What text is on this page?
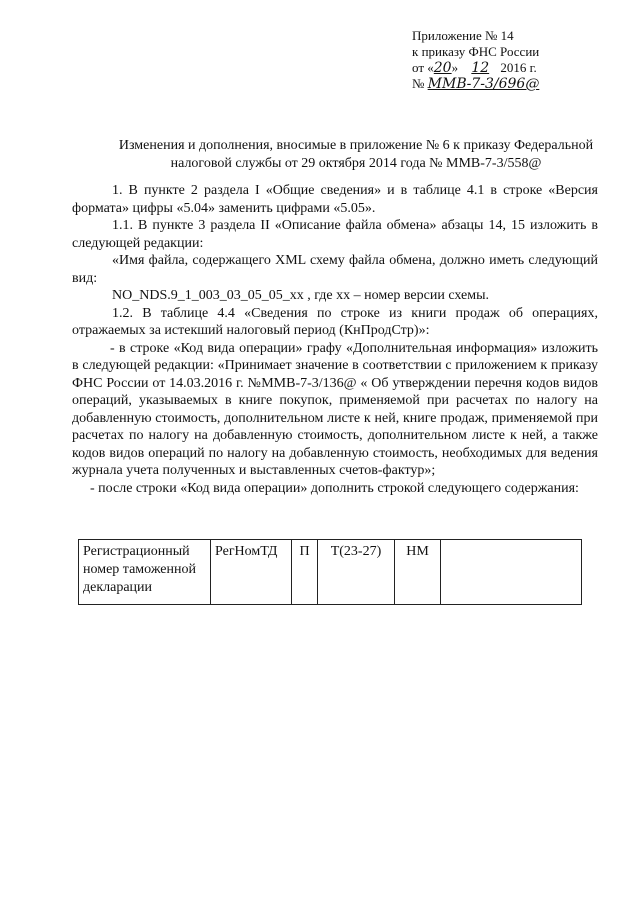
Приложение № 14
к приказу ФНС России
от «20» 12 2016 г.
№ ММВ-7-3/696@
Изменения и дополнения, вносимые в приложение № 6 к приказу Федеральной налоговой службы от 29 октября 2014 года № ММВ-7-3/558@

1. В пункте 2 раздела I «Общие сведения» и в таблице 4.1 в строке «Версия формата» цифры «5.04» заменить цифрами «5.05».

1.1. В пункте 3 раздела II «Описание файла обмена» абзацы 14, 15 изложить в следующей редакции:

«Имя файла, содержащего XML схему файла обмена, должно иметь следующий вид:

NO_NDS.9_1_003_03_05_05_xx , где хх – номер версии схемы.

1.2. В таблице 4.4 «Сведения по строке из книги продаж об операциях, отражаемых за истекший налоговый период (КнПродСтр)»:

- в строке «Код вида операции» графу «Дополнительная информация» изложить в следующей редакции: «Принимает значение в соответствии с приложением к приказу ФНС России от 14.03.2016 г. №ММВ-7-3/136@ « Об утверждении перечня кодов видов операций, указываемых в книге покупок, применяемой при расчетах по налогу на добавленную стоимость, дополнительном листе к ней, книге продаж, применяемой при расчетах по налогу на добавленную стоимость, дополнительном листе к ней, а также кодов видов операций по налогу на добавленную стоимость, необходимых для ведения журнала учета полученных и выставленных счетов-фактур»;

- после строки «Код вида операции» дополнить строкой следующего содержания:

Регистрационный номер таможенной декларации	РегНомТД	П	Т(23-27)	НМ	
